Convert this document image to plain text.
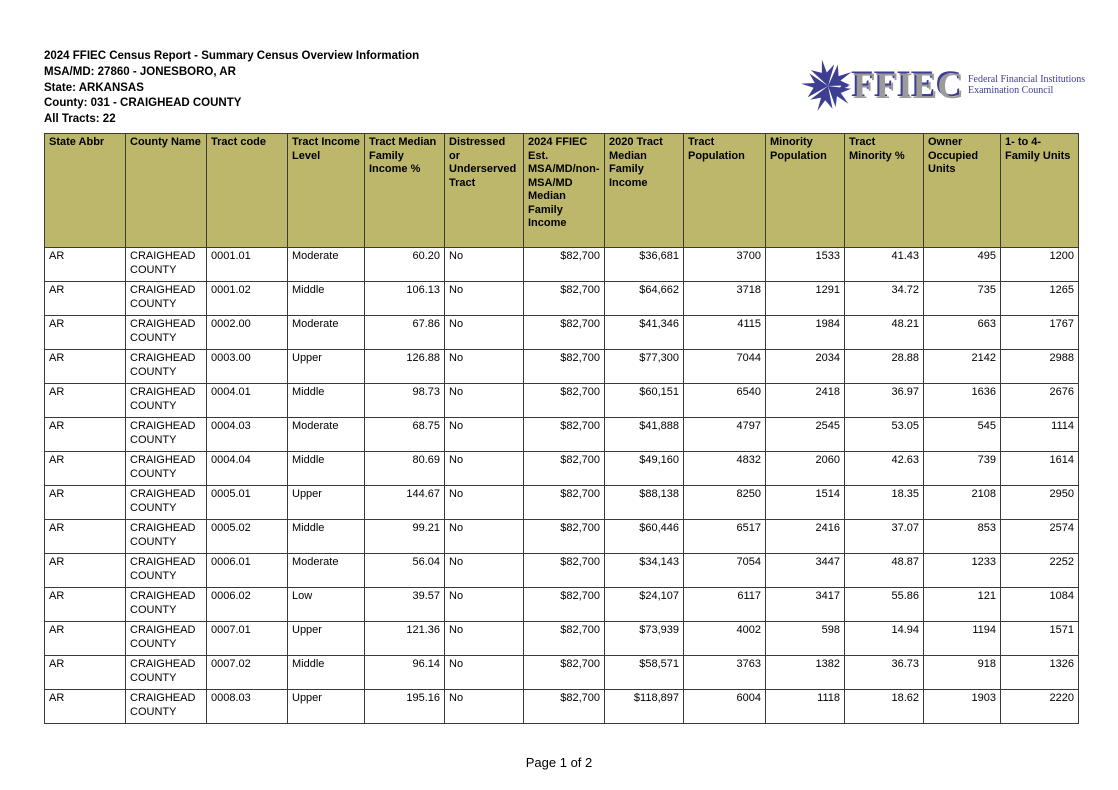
2024 FFIEC Census Report - Summary Census Overview Information
MSA/MD: 27860 - JONESBORO, AR
State: ARKANSAS
County: 031 - CRAIGHEAD COUNTY
All Tracts: 22
FFIEC Federal Financial Institutions
Examination Council
State Abbr	County Name	Tract code	Tract Income Level	Tract Median Family Income %	Distressed or Underserved Tract	2024 FFIEC Est. MSA/MD/non-MSA/MD Median Family Income	2020 Tract Median Family Income	Tract Population	Minority Population	Tract Minority %	Owner Occupied Units	1- to 4- Family Units
AR	CRAIGHEAD COUNTY	0001.01	Moderate	60.20	No	$82,700	$36,681	3700	1533	41.43	495	1200
AR	CRAIGHEAD COUNTY	0001.02	Middle	106.13	No	$82,700	$64,662	3718	1291	34.72	735	1265
AR	CRAIGHEAD COUNTY	0002.00	Moderate	67.86	No	$82,700	$41,346	4115	1984	48.21	663	1767
AR	CRAIGHEAD COUNTY	0003.00	Upper	126.88	No	$82,700	$77,300	7044	2034	28.88	2142	2988
AR	CRAIGHEAD COUNTY	0004.01	Middle	98.73	No	$82,700	$60,151	6540	2418	36.97	1636	2676
AR	CRAIGHEAD COUNTY	0004.03	Moderate	68.75	No	$82,700	$41,888	4797	2545	53.05	545	1114
AR	CRAIGHEAD COUNTY	0004.04	Middle	80.69	No	$82,700	$49,160	4832	2060	42.63	739	1614
AR	CRAIGHEAD COUNTY	0005.01	Upper	144.67	No	$82,700	$88,138	8250	1514	18.35	2108	2950
AR	CRAIGHEAD COUNTY	0005.02	Middle	99.21	No	$82,700	$60,446	6517	2416	37.07	853	2574
AR	CRAIGHEAD COUNTY	0006.01	Moderate	56.04	No	$82,700	$34,143	7054	3447	48.87	1233	2252
AR	CRAIGHEAD COUNTY	0006.02	Low	39.57	No	$82,700	$24,107	6117	3417	55.86	121	1084
AR	CRAIGHEAD COUNTY	0007.01	Upper	121.36	No	$82,700	$73,939	4002	598	14.94	1194	1571
AR	CRAIGHEAD COUNTY	0007.02	Middle	96.14	No	$82,700	$58,571	3763	1382	36.73	918	1326
AR	CRAIGHEAD COUNTY	0008.03	Upper	195.16	No	$82,700	$118,897	6004	1118	18.62	1903	2220
Page 1 of 2
